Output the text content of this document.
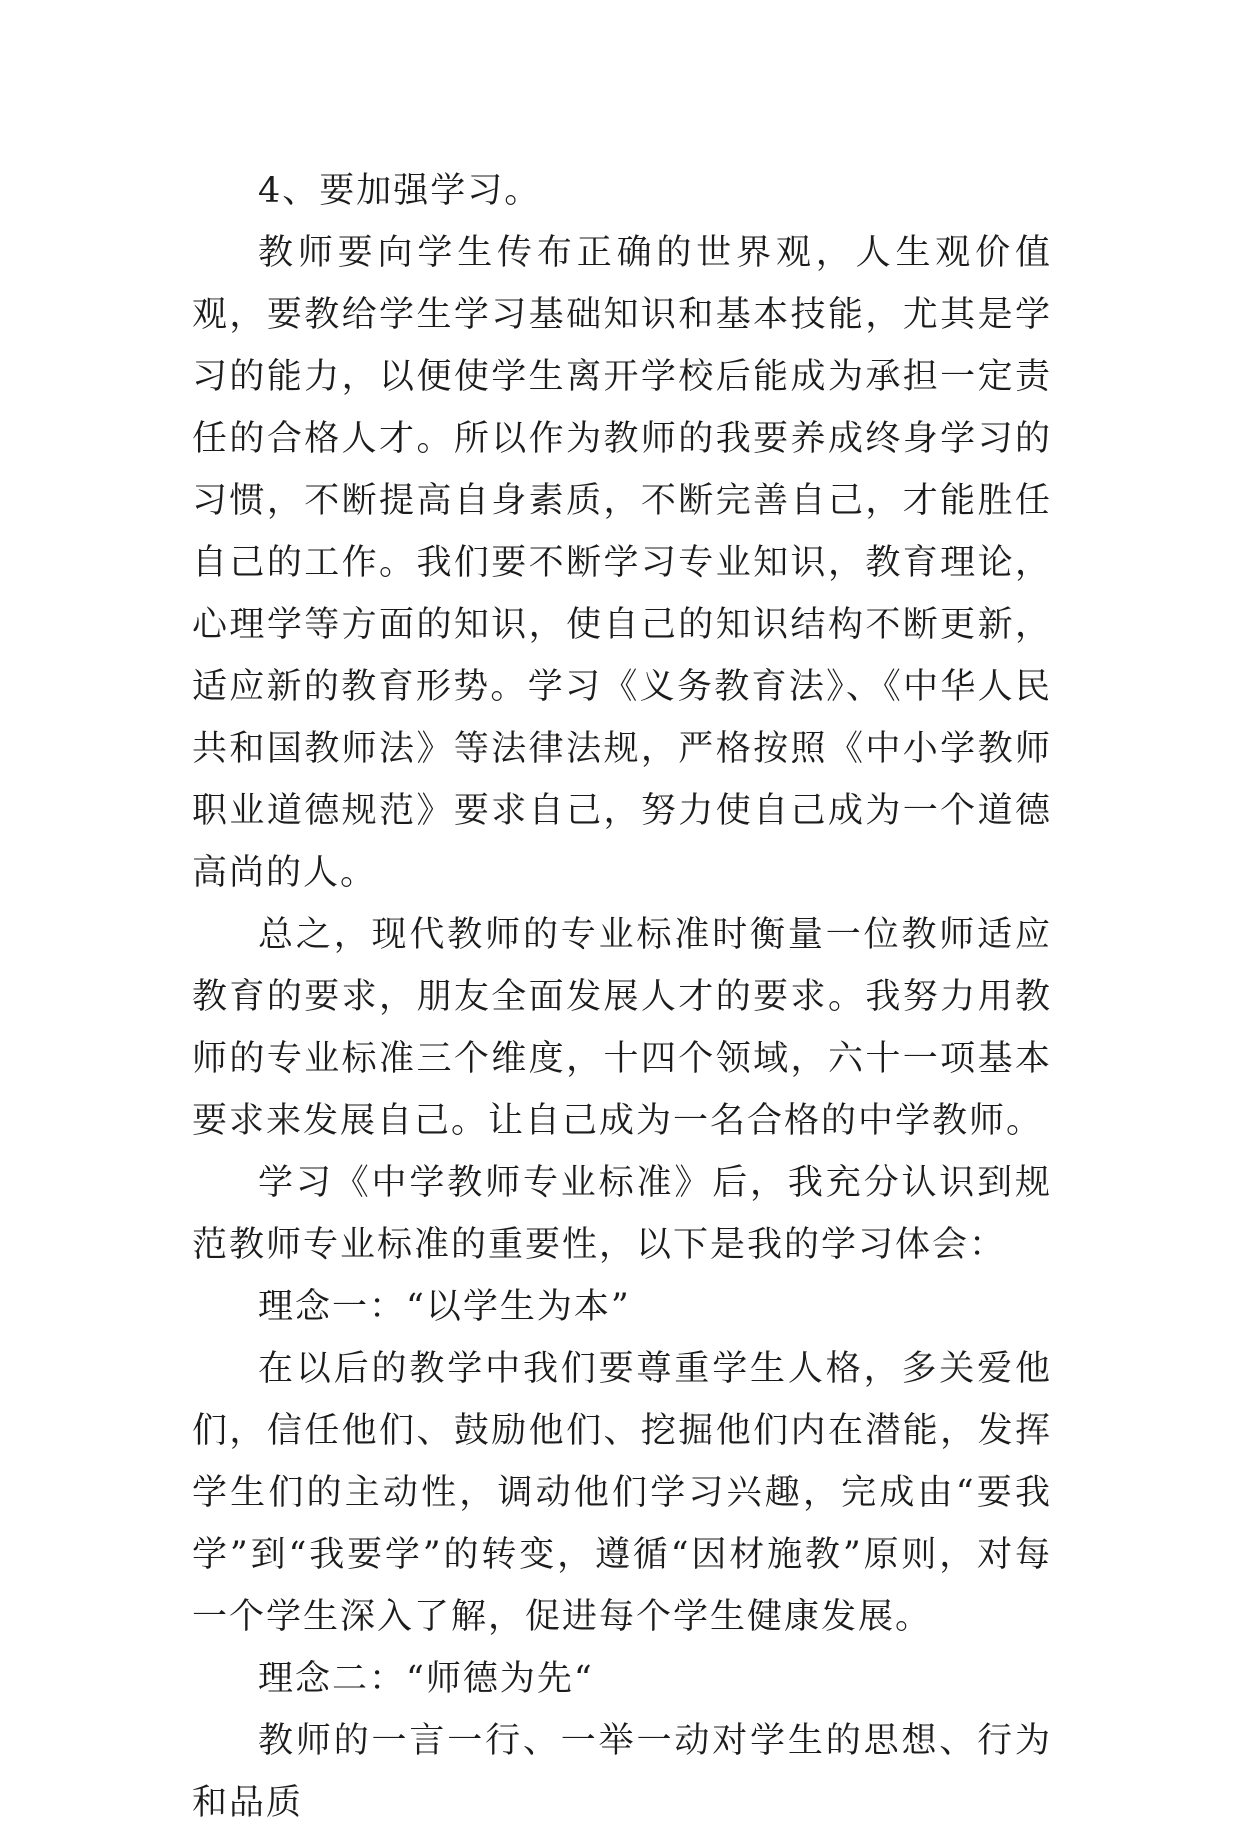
4、要加强学习。

教师要向学生传布正确的世界观，人生观价值观，要教给学生学习基础知识和基本技能，尤其是学习的能力，以便使学生离开学校后能成为承担一定责任的合格人才。所以作为教师的我要养成终身学习的习惯，不断提高自身素质，不断完善自己，才能胜任自己的工作。我们要不断学习专业知识，教育理论，心理学等方面的知识，使自己的知识结构不断更新，适应新的教育形势。学习《义务教育法》、《中华人民共和国教师法》等法律法规，严格按照《中小学教师职业道德规范》要求自己，努力使自己成为一个道德高尚的人。

总之，现代教师的专业标准时衡量一位教师适应教育的要求，朋友全面发展人才的要求。我努力用教师的专业标准三个维度，十四个领域，六十一项基本要求来发展自己。让自己成为一名合格的中学教师。

学习《中学教师专业标准》后，我充分认识到规范教师专业标准的重要性，以下是我的学习体会：

理念一：“以学生为本”

在以后的教学中我们要尊重学生人格，多关爱他们，信任他们、鼓励他们、挖掘他们内在潜能，发挥学生们的主动性，调动他们学习兴趣，完成由“要我学”到“我要学”的转变，遵循“因材施教”原则，对每一个学生深入了解，促进每个学生健康发展。

理念二：“师德为先“

教师的一言一行、一举一动对学生的思想、行为和品质
